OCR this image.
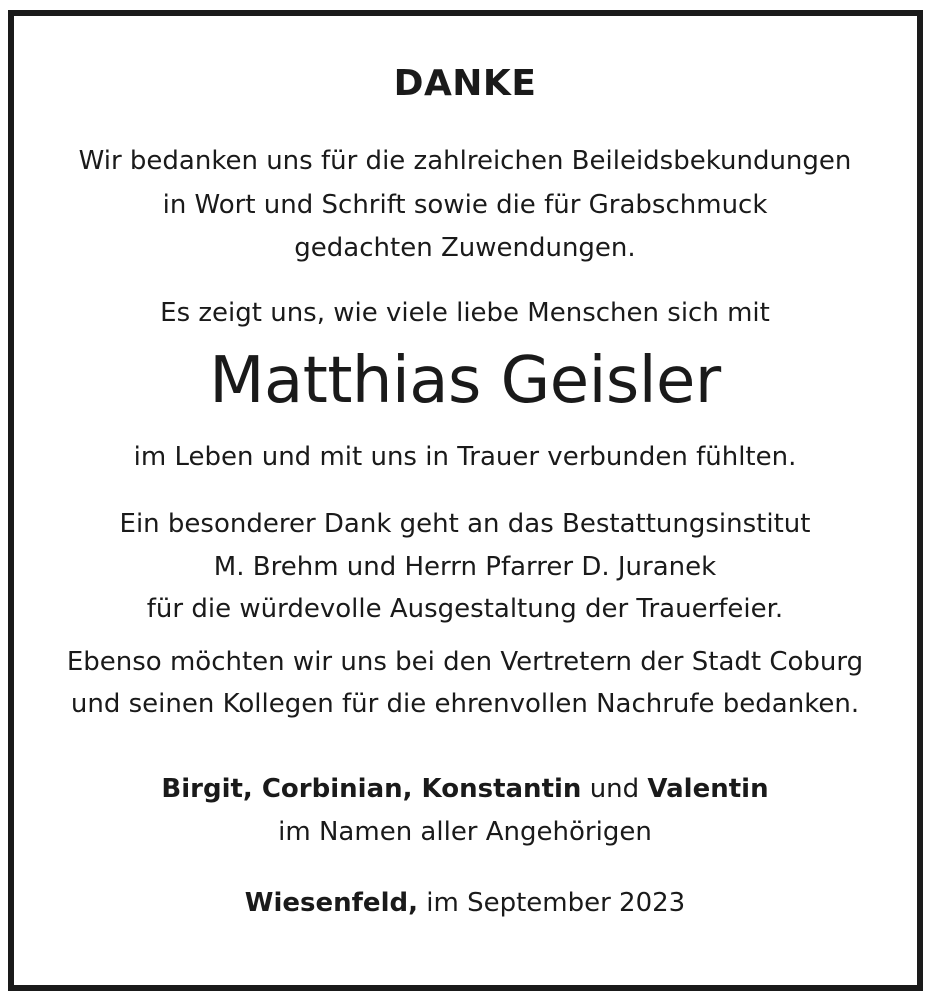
DANKE
Wir bedanken uns für die zahlreichen Beileidsbekundungen
in Wort und Schrift sowie die für Grabschmuck
gedachten Zuwendungen.
Es zeigt uns, wie viele liebe Menschen sich mit
Matthias Geisler
im Leben und mit uns in Trauer verbunden fühlten.
Ein besonderer Dank geht an das Bestattungsinstitut
M. Brehm und Herrn Pfarrer D. Juranek
für die würdevolle Ausgestaltung der Trauerfeier.
Ebenso möchten wir uns bei den Vertretern der Stadt Coburg
und seinen Kollegen für die ehrenvollen Nachrufe bedanken.
Birgit, Corbinian, Konstantin und Valentin
im Namen aller Angehörigen
Wiesenfeld, im September 2023
